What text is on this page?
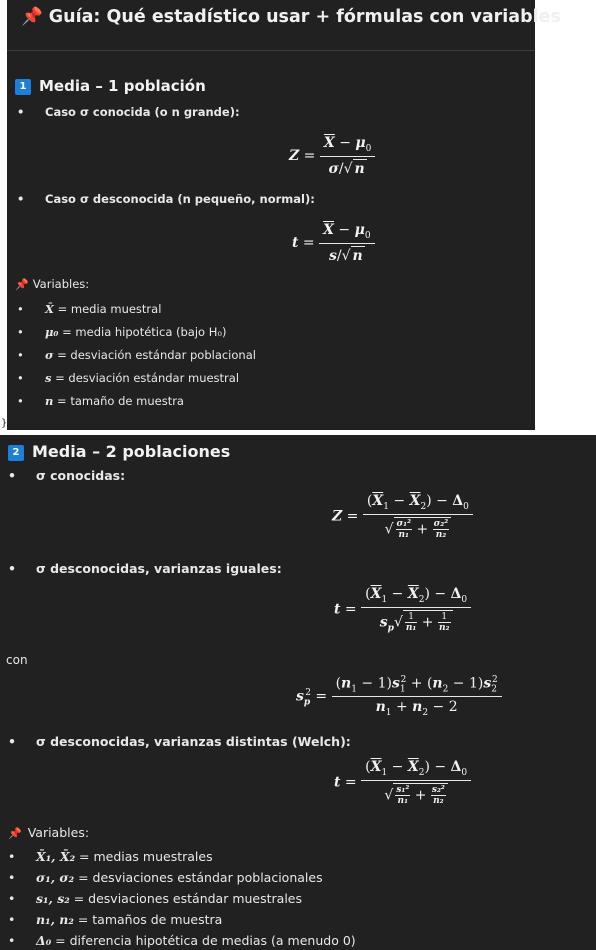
📌 Guía: Qué estadístico usar + fórmulas con variables
1 Media – 1 población
• Caso σ conocida (o n grande):
$Z = \frac{\overline{X} - \mu_0}{\sigma/√ n}$
• Caso σ desconocida (n pequeño, normal):
$t = \frac{\overline{X} - \mu_0}{s/√ n}$
📌 Variables:
• X̄ = media muestral
• μ₀ = media hipotética (bajo H₀)
• σ = desviación estándar poblacional
• s = desviación estándar muestral
• n = tamaño de muestra
}
2 Media – 2 poblaciones
• σ conocidas:
$Z = \frac{(\overline{X}_1 - \overline{X}_2) - \Delta_0}{√ \frac{\text{σ₁²}}{\text{n₁}} + \frac{\text{σ₂²}}{\text{n₂}}}$
• σ desconocidas, varianzas iguales:
$t = \frac{(\overline{X}_1 - \overline{X}_2) - \Delta_0}{s_p√ \frac{1}{\text{n₁}} + \frac{1}{\text{n₂}}}$
con
$s_p^2 = \frac{(n_1 - 1)s_1^2 + (n_2 - 1)s_2^2}{n_1 + n_2 - 2}$
• σ desconocidas, varianzas distintas (Welch):
$t = \frac{(\overline{X}_1 - \overline{X}_2) - \Delta_0}{√ \frac{\text{s₁²}}{\text{n₁}} + \frac{\text{s₂²}}{\text{n₂}}}$
📌 Variables:
• X̄₁, X̄₂ = medias muestrales
• σ₁, σ₂ = desviaciones estándar poblacionales
• s₁, s₂ = desviaciones estándar muestrales
• n₁, n₂ = tamaños de muestra
• Δ₀ = diferencia hipotética de medias (a menudo 0)
